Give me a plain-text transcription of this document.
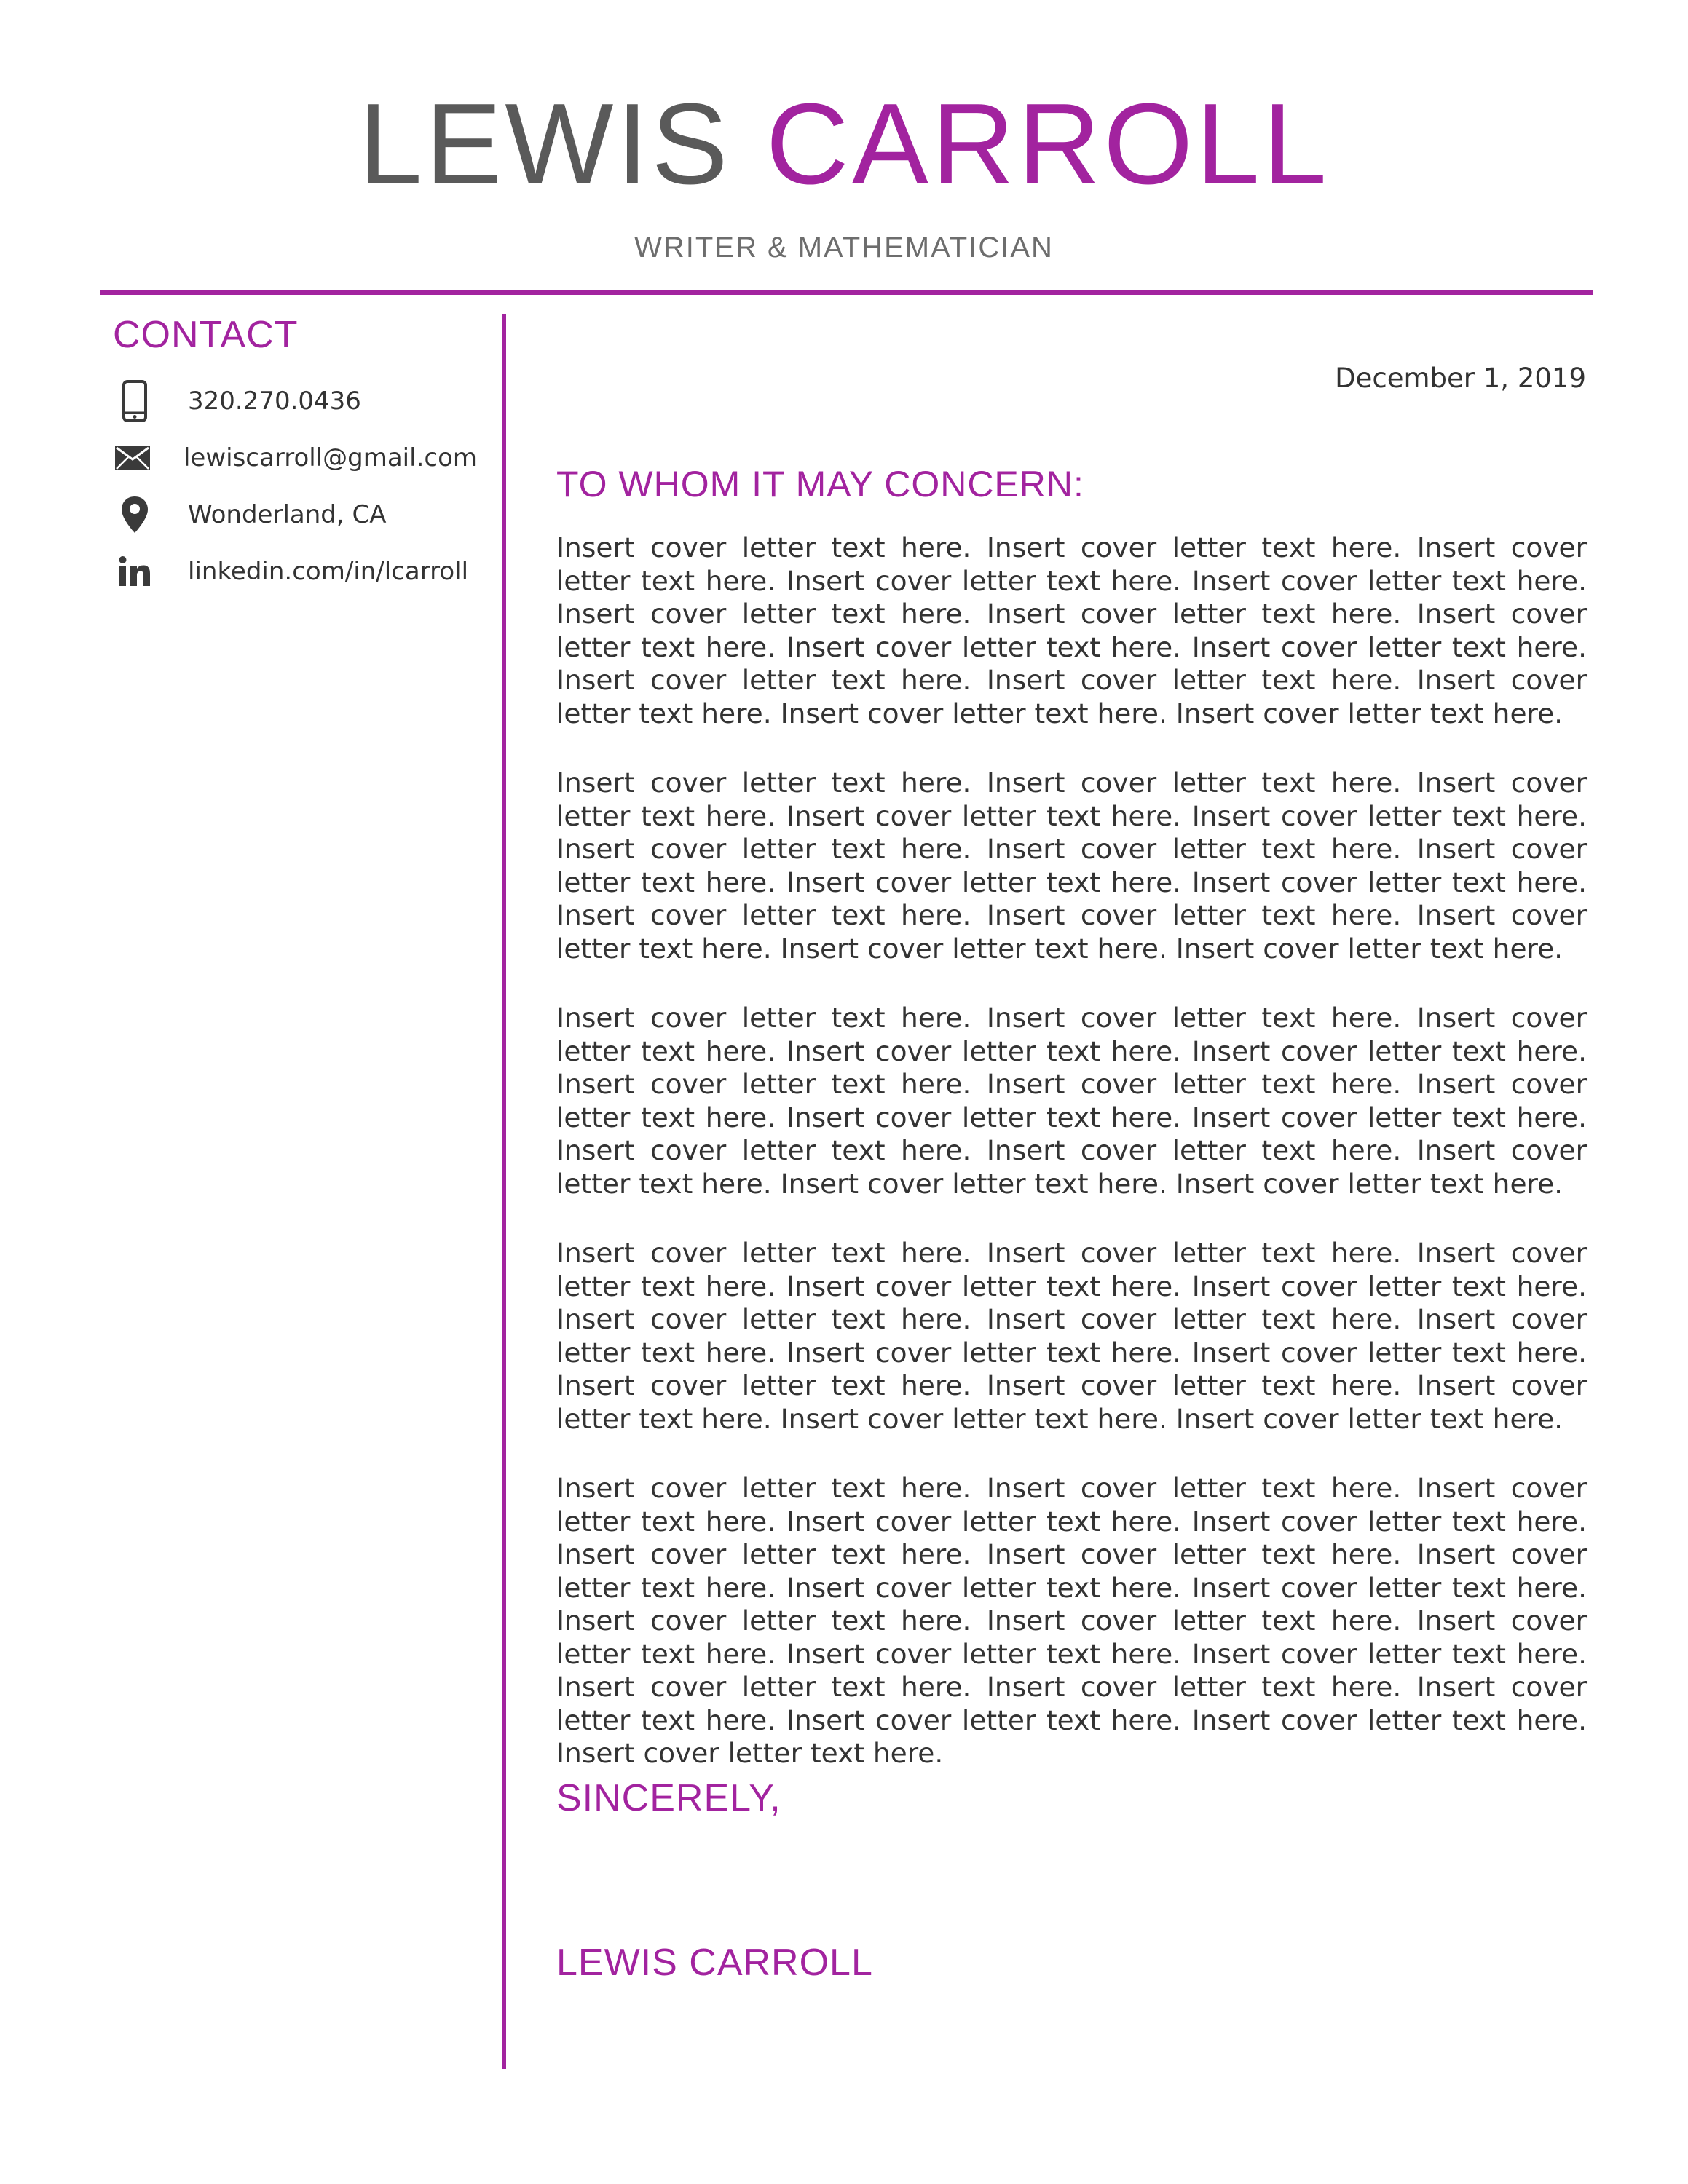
LEWIS CARROLL
WRITER & MATHEMATICIAN
CONTACT
320.270.0436
lewiscarroll@gmail.com
Wonderland, CA
linkedin.com/in/lcarroll
December 1, 2019
TO WHOM IT MAY CONCERN:

Insert cover letter text here. Insert cover letter text here. Insert cover letter text here. Insert cover letter text here. Insert cover letter text here. Insert cover letter text here. Insert cover letter text here. Insert cover letter text here. Insert cover letter text here. Insert cover letter text here. Insert cover letter text here. Insert cover letter text here. Insert cover letter text here. Insert cover letter text here. Insert cover letter text here.

Insert cover letter text here. Insert cover letter text here. Insert cover letter text here. Insert cover letter text here. Insert cover letter text here. Insert cover letter text here. Insert cover letter text here. Insert cover letter text here. Insert cover letter text here. Insert cover letter text here. Insert cover letter text here. Insert cover letter text here. Insert cover letter text here. Insert cover letter text here. Insert cover letter text here.

Insert cover letter text here. Insert cover letter text here. Insert cover letter text here. Insert cover letter text here. Insert cover letter text here. Insert cover letter text here. Insert cover letter text here. Insert cover letter text here. Insert cover letter text here. Insert cover letter text here. Insert cover letter text here. Insert cover letter text here. Insert cover letter text here. Insert cover letter text here. Insert cover letter text here.

Insert cover letter text here. Insert cover letter text here. Insert cover letter text here. Insert cover letter text here. Insert cover letter text here. Insert cover letter text here. Insert cover letter text here. Insert cover letter text here. Insert cover letter text here. Insert cover letter text here. Insert cover letter text here. Insert cover letter text here. Insert cover letter text here. Insert cover letter text here. Insert cover letter text here.

Insert cover letter text here. Insert cover letter text here. Insert cover letter text here. Insert cover letter text here. Insert cover letter text here. Insert cover letter text here. Insert cover letter text here. Insert cover letter text here. Insert cover letter text here. Insert cover letter text here. Insert cover letter text here. Insert cover letter text here. Insert cover letter text here. Insert cover letter text here. Insert cover letter text here. Insert cover letter text here. Insert cover letter text here. Insert cover letter text here. Insert cover letter text here. Insert cover letter text here. Insert cover letter text here.

SINCERELY,
LEWIS CARROLL
